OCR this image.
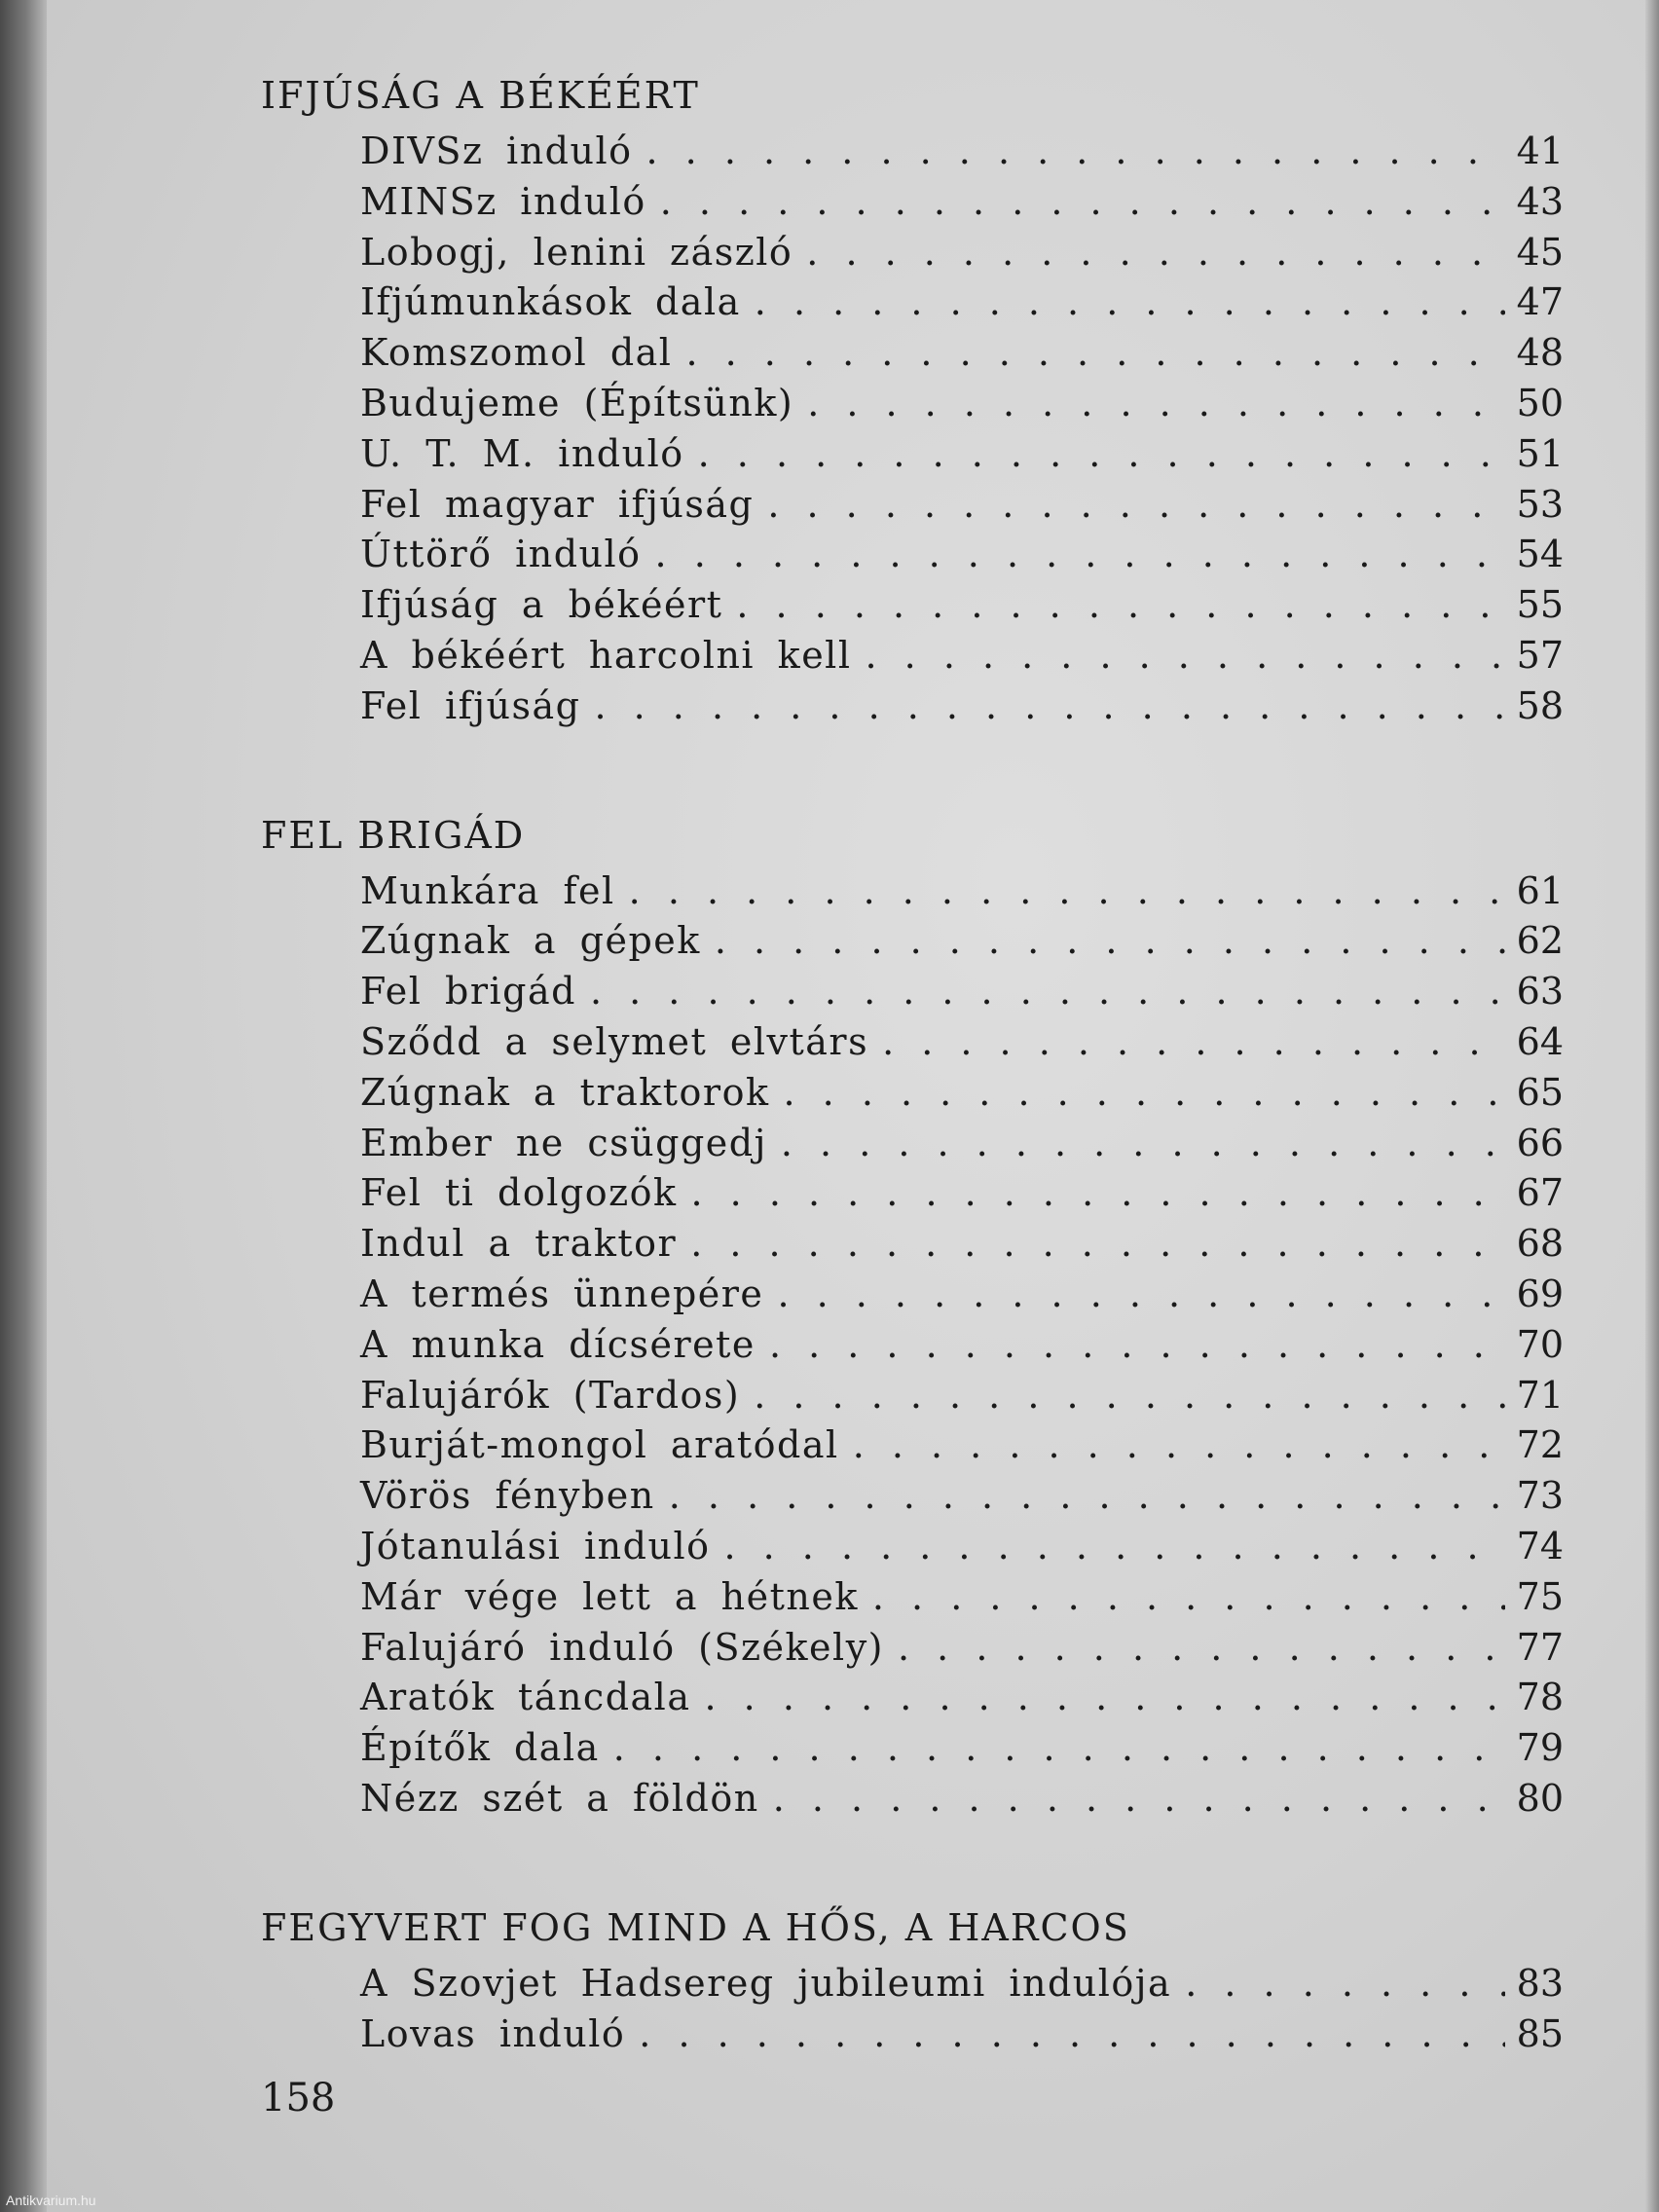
IFJÚSÁG A BÉKÉÉRT
DIVSz induló . . .	41
MINSz induló . . .	43
Lobogj, lenini zászló . . .	45
Ifjúmunkások dala . . .	47
Komszomol dal . . .	48
Budujeme (Építsünk) . . .	50
U. T. M. induló . . .	51
Fel magyar ifjúság . . .	53
Úttörő induló . . .	54
Ifjúság a békéért . . .	55
A békéért harcolni kell . . .	57
Fel ifjúság . . .	58
FEL BRIGÁD
Munkára fel . . .	61
Zúgnak a gépek . . .	62
Fel brigád . . .	63
Sződd a selymet elvtárs . . .	64
Zúgnak a traktorok . . .	65
Ember ne csüggedj . . .	66
Fel ti dolgozók . . .	67
Indul a traktor . . .	68
A termés ünnepére . . .	69
A munka dícsérete . . .	70
Falujárók (Tardos) . . .	71
Burját-mongol aratódal . . .	72
Vörös fényben . . .	73
Jótanulási induló . . .	74
Már vége lett a hétnek . . .	75
Falujáró induló (Székely) . . .	77
Aratók táncdala . . .	78
Építők dala . . .	79
Nézz szét a földön . . .	80
FEGYVERT FOG MIND A HŐS, A HARCOS
A Szovjet Hadsereg jubileumi indulója . . .	83
Lovas induló . . .	85
158
Antikvarium.hu
